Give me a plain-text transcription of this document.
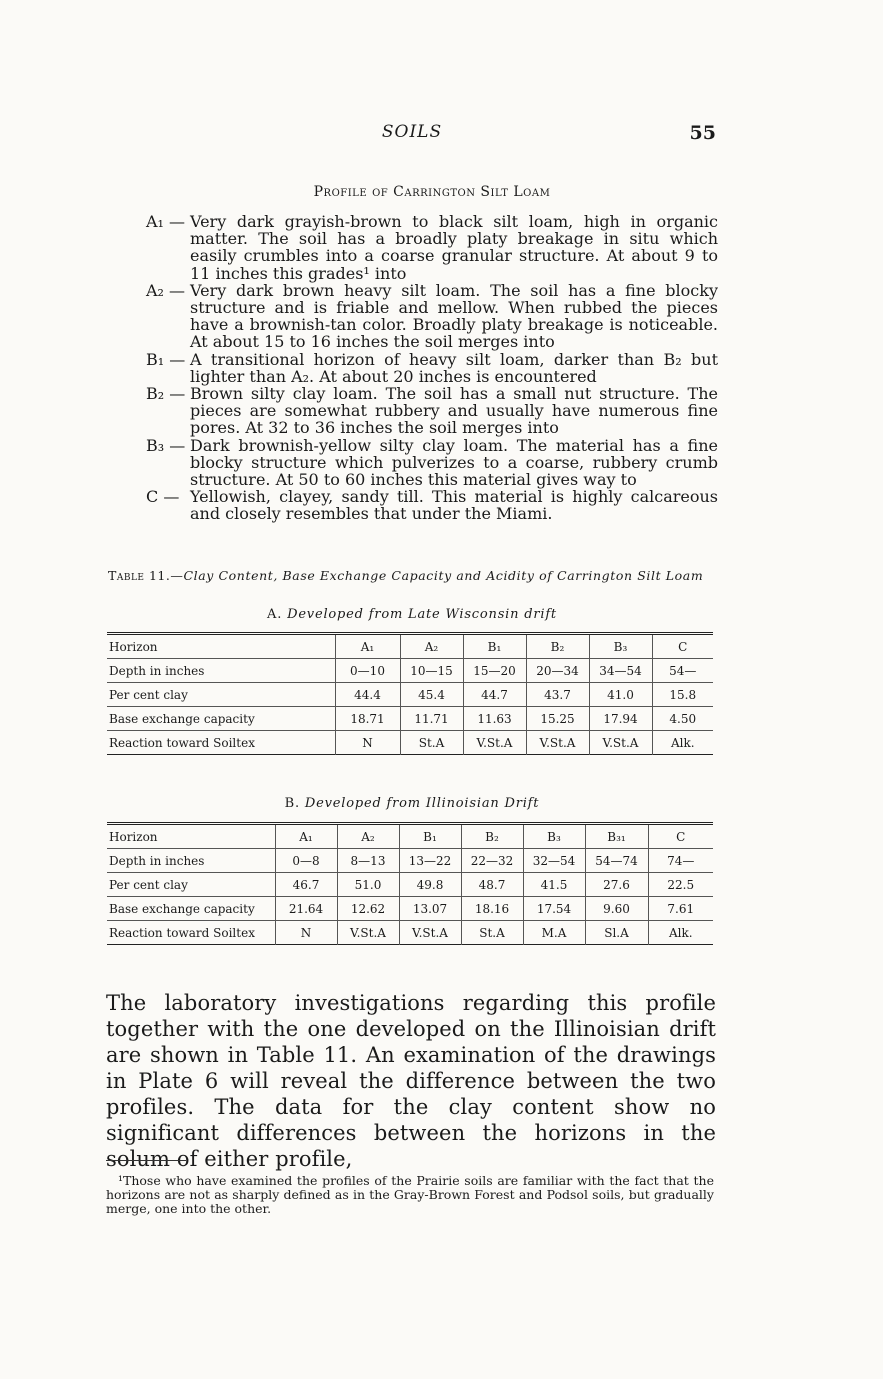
SOILS	55
Profile of Carrington Silt Loam
A₁ — Very dark grayish-brown to black silt loam, high in organic matter. The soil has a broadly platy breakage in situ which easily crumbles into a coarse granular structure. At about 9 to 11 inches this grades¹ into
A₂ — Very dark brown heavy silt loam. The soil has a fine blocky structure and is friable and mellow. When rubbed the pieces have a brownish-tan color. Broadly platy breakage is noticeable. At about 15 to 16 inches the soil merges into
B₁ — A transitional horizon of heavy silt loam, darker than B₂ but lighter than A₂. At about 20 inches is encountered
B₂ — Brown silty clay loam. The soil has a small nut structure. The pieces are somewhat rubbery and usually have numerous fine pores. At 32 to 36 inches the soil merges into
B₃ — Dark brownish-yellow silty clay loam. The material has a fine blocky structure which pulverizes to a coarse, rubbery crumb structure. At 50 to 60 inches this material gives way to
C — Yellowish, clayey, sandy till. This material is highly calcareous and closely resembles that under the Miami.
Table 11.—Clay Content, Base Exchange Capacity and Acidity of Carrington Silt Loam
A. Developed from Late Wisconsin drift
Horizon	A₁	A₂	B₁	B₂	B₃	C
Depth in inches	0—10	10—15	15—20	20—34	34—54	54—
Per cent clay	44.4	45.4	44.7	43.7	41.0	15.8
Base exchange capacity	18.71	11.71	11.63	15.25	17.94	4.50
Reaction toward Soiltex	N	St.A	V.St.A	V.St.A	V.St.A	Alk.
B. Developed from Illinoisian Drift
Horizon	A₁	A₂	B₁	B₂	B₃	B₃₁	C
Depth in inches	0—8	8—13	13—22	22—32	32—54	54—74	74—
Per cent clay	46.7	51.0	49.8	48.7	41.5	27.6	22.5
Base exchange capacity	21.64	12.62	13.07	18.16	17.54	9.60	7.61
Reaction toward Soiltex	N	V.St.A	V.St.A	St.A	M.A	Sl.A	Alk.
The laboratory investigations regarding this profile together with the one developed on the Illinoisian drift are shown in Table 11. An examination of the drawings in Plate 6 will reveal the difference between the two profiles. The data for the clay content show no significant differences between the horizons in the solum of either profile,
¹Those who have examined the profiles of the Prairie soils are familiar with the fact that the horizons are not as sharply defined as in the Gray-Brown Forest and Podsol soils, but gradually merge, one into the other.
